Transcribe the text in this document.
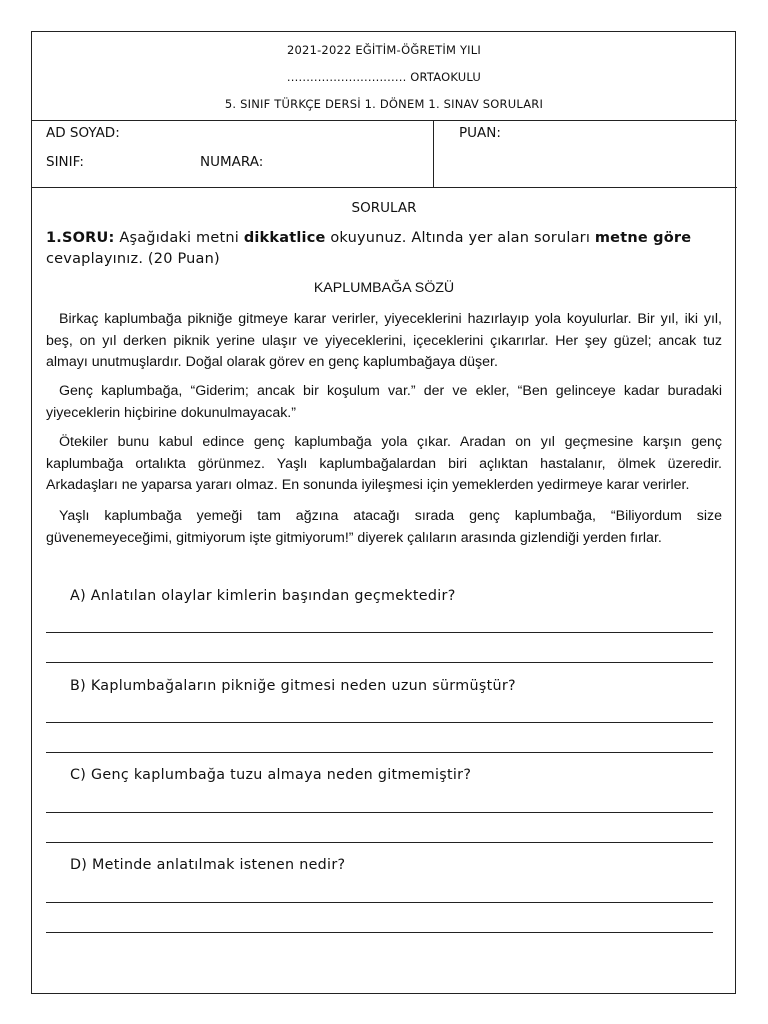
2021-2022 EĞİTİM-ÖĞRETİM YILI
............................... ORTAOKULU
5. SINIF TÜRKÇE DERSİ 1. DÖNEM 1. SINAV SORULARI
AD SOYAD:
SINIF:	NUMARA:
PUAN:
SORULAR
1.SORU: Aşağıdaki metni dikkatlice okuyunuz. Altında yer alan soruları metne göre cevaplayınız. (20 Puan)
KAPLUMBAĞA SÖZÜ

Birkaç kaplumbağa pikniğe gitmeye karar verirler, yiyeceklerini hazırlayıp yola koyulurlar. Bir yıl, iki yıl, beş, on yıl derken piknik yerine ulaşır ve yiyeceklerini, içeceklerini çıkarırlar. Her şey güzel; ancak tuz almayı unutmuşlardır. Doğal olarak görev en genç kaplumbağaya düşer.

Genç kaplumbağa, “Giderim; ancak bir koşulum var.” der ve ekler, “Ben gelinceye kadar buradaki yiyeceklerin hiçbirine dokunulmayacak.”

Ötekiler bunu kabul edince genç kaplumbağa yola çıkar. Aradan on yıl geçmesine karşın genç kaplumbağa ortalıkta görünmez. Yaşlı kaplumbağalardan biri açlıktan hastalanır, ölmek üzeredir. Arkadaşları ne yaparsa yararı olmaz. En sonunda iyileşmesi için yemeklerden yedirmeye karar verirler.

Yaşlı kaplumbağa yemeği tam ağzına atacağı sırada genç kaplumbağa, “Biliyordum size güvenemeyeceğimi, gitmiyorum işte gitmiyorum!” diyerek çalıların arasında gizlendiği yerden fırlar.

A) Anlatılan olaylar kimlerin başından geçmektedir?
B) Kaplumbağaların pikniğe gitmesi neden uzun sürmüştür?
C) Genç kaplumbağa tuzu almaya neden gitmemiştir?
D) Metinde anlatılmak istenen nedir?
